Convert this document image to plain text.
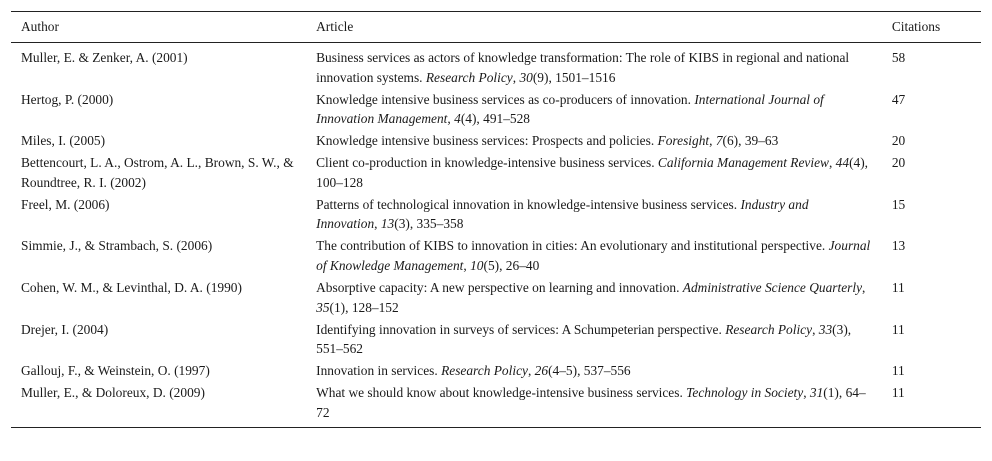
Author	Article	Citations
Muller, E. & Zenker, A. (2001)	Business services as actors of knowledge transformation: The role of KIBS in regional and national innovation systems. Research Policy, 30(9), 1501–1516	58
Hertog, P. (2000)	Knowledge intensive business services as co-producers of innovation. International Journal of Innovation Management, 4(4), 491–528	47
Miles, I. (2005)	Knowledge intensive business services: Prospects and policies. Foresight, 7(6), 39–63	20
Bettencourt, L. A., Ostrom, A. L., Brown, S. W., & Roundtree, R. I. (2002)	Client co-production in knowledge-intensive business services. California Management Review, 44(4), 100–128	20
Freel, M. (2006)	Patterns of technological innovation in knowledge-intensive business services. Industry and Innovation, 13(3), 335–358	15
Simmie, J., & Strambach, S. (2006)	The contribution of KIBS to innovation in cities: An evolutionary and institutional perspective. Journal of Knowledge Management, 10(5), 26–40	13
Cohen, W. M., & Levinthal, D. A. (1990)	Absorptive capacity: A new perspective on learning and innovation. Administrative Science Quarterly, 35(1), 128–152	11
Drejer, I. (2004)	Identifying innovation in surveys of services: A Schumpeterian perspective. Research Policy, 33(3), 551–562	11
Gallouj, F., & Weinstein, O. (1997)	Innovation in services. Research Policy, 26(4–5), 537–556	11
Muller, E., & Doloreux, D. (2009)	What we should know about knowledge-intensive business services. Technology in Society, 31(1), 64–72	11
